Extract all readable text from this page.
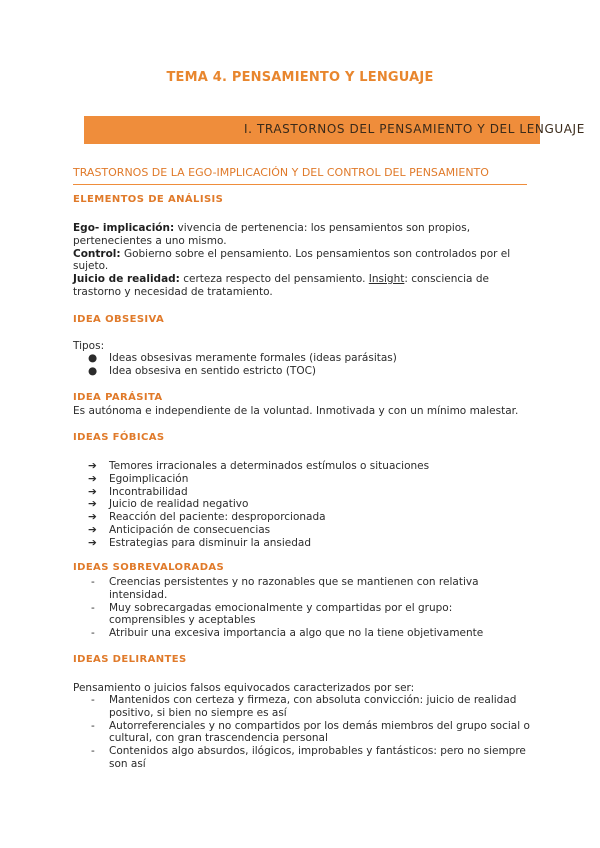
TEMA 4. PENSAMIENTO Y LENGUAJE
I. TRASTORNOS DEL PENSAMIENTO Y DEL LENGUAJE
TRASTORNOS DE LA EGO-IMPLICACIÓN Y DEL CONTROL DEL PENSAMIENTO
ELEMENTOS DE ANÁLISIS
Ego- implicación: vivencia de pertenencia: los pensamientos son propios, pertenecientes a uno mismo.
Control: Gobierno sobre el pensamiento. Los pensamientos son controlados por el sujeto.
Juicio de realidad: certeza respecto del pensamiento. Insight: consciencia de trastorno y necesidad de tratamiento.
IDEA OBSESIVA
Tipos:
● Ideas obsesivas meramente formales (ideas parásitas)
● Idea obsesiva en sentido estricto (TOC)
IDEA PARÁSITA
Es autónoma e independiente de la voluntad. Inmotivada y con un mínimo malestar.
IDEAS FÓBICAS
➔ Temores irracionales a determinados estímulos o situaciones
➔ Egoimplicación
➔ Incontrabilidad
➔ Juicio de realidad negativo
➔ Reacción del paciente: desproporcionada
➔ Anticipación de consecuencias
➔ Estrategias para disminuir la ansiedad
IDEAS SOBREVALORADAS
- Creencias persistentes y no razonables que se mantienen con relativa intensidad.
- Muy sobrecargadas emocionalmente y compartidas por el grupo: comprensibles y aceptables
- Atribuir una excesiva importancia a algo que no la tiene objetivamente
IDEAS DELIRANTES
Pensamiento o juicios falsos equivocados caracterizados por ser:
- Mantenidos con certeza y firmeza, con absoluta convicción: juicio de realidad positivo, si bien no siempre es así
- Autorreferenciales y no compartidos por los demás miembros del grupo social o cultural, con gran trascendencia personal
- Contenidos algo absurdos, ilógicos, improbables y fantásticos: pero no siempre son así
